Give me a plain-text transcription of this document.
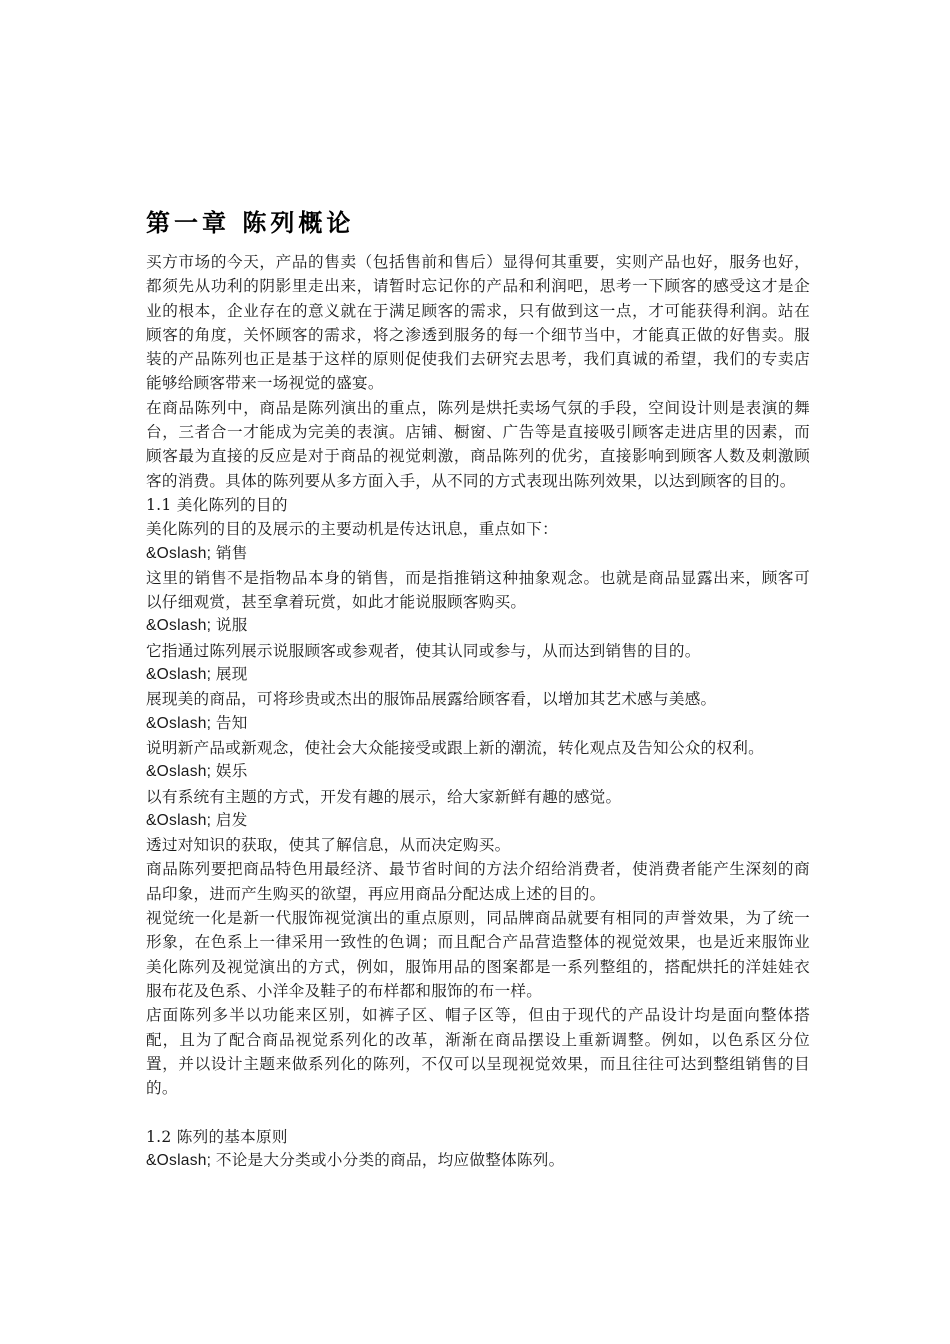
第一章 陈列概论

买方市场的今天，产品的售卖（包括售前和售后）显得何其重要，实则产品也好，服务也好，都须先从功利的阴影里走出来，请暂时忘记你的产品和利润吧，思考一下顾客的感受这才是企业的根本，企业存在的意义就在于满足顾客的需求，只有做到这一点，才可能获得利润。站在顾客的角度，关怀顾客的需求，将之渗透到服务的每一个细节当中，才能真正做的好售卖。服装的产品陈列也正是基于这样的原则促使我们去研究去思考，我们真诚的希望，我们的专卖店能够给顾客带来一场视觉的盛宴。

在商品陈列中，商品是陈列演出的重点，陈列是烘托卖场气氛的手段，空间设计则是表演的舞台，三者合一才能成为完美的表演。店铺、橱窗、广告等是直接吸引顾客走进店里的因素，而顾客最为直接的反应是对于商品的视觉刺激，商品陈列的优劣，直接影响到顾客人数及刺激顾客的消费。具体的陈列要从多方面入手，从不同的方式表现出陈列效果，以达到顾客的目的。

1.1 美化陈列的目的

美化陈列的目的及展示的主要动机是传达讯息，重点如下：

&Oslash; 销售

这里的销售不是指物品本身的销售，而是指推销这种抽象观念。也就是商品显露出来，顾客可以仔细观赏，甚至拿着玩赏，如此才能说服顾客购买。

&Oslash; 说服

它指通过陈列展示说服顾客或参观者，使其认同或参与，从而达到销售的目的。

&Oslash; 展现

展现美的商品，可将珍贵或杰出的服饰品展露给顾客看，以增加其艺术感与美感。

&Oslash; 告知

说明新产品或新观念，使社会大众能接受或跟上新的潮流，转化观点及告知公众的权利。

&Oslash; 娱乐

以有系统有主题的方式，开发有趣的展示，给大家新鲜有趣的感觉。

&Oslash; 启发

透过对知识的获取，使其了解信息，从而决定购买。

商品陈列要把商品特色用最经济、最节省时间的方法介绍给消费者，使消费者能产生深刻的商品印象，进而产生购买的欲望，再应用商品分配达成上述的目的。

视觉统一化是新一代服饰视觉演出的重点原则，同品牌商品就要有相同的声誉效果，为了统一形象，在色系上一律采用一致性的色调；而且配合产品营造整体的视觉效果，也是近来服饰业美化陈列及视觉演出的方式，例如，服饰用品的图案都是一系列整组的，搭配烘托的洋娃娃衣服布花及色系、小洋伞及鞋子的布样都和服饰的布一样。

店面陈列多半以功能来区别，如裤子区、帽子区等，但由于现代的产品设计均是面向整体搭配，且为了配合商品视觉系列化的改革，渐渐在商品摆设上重新调整。例如，以色系区分位置，并以设计主题来做系列化的陈列，不仅可以呈现视觉效果，而且往往可达到整组销售的目的。

1.2 陈列的基本原则

&Oslash; 不论是大分类或小分类的商品，均应做整体陈列。
